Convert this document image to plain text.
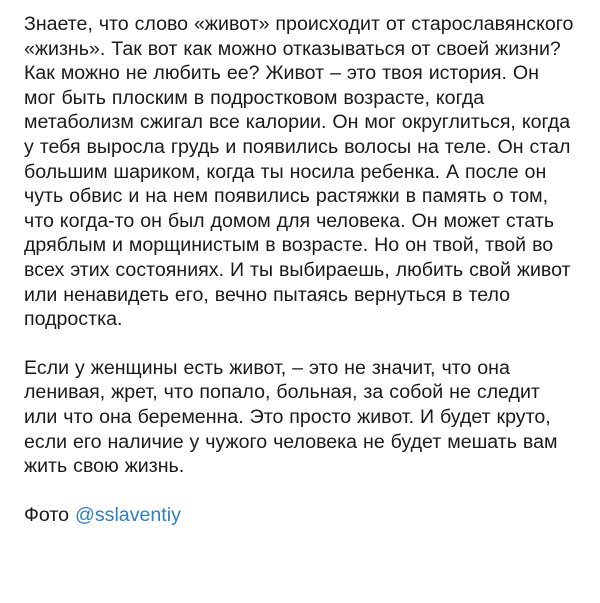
Знаете, что слово «живот» происходит от старославянского «жизнь». Так вот как можно отказываться от своей жизни? Как можно не любить ее? Живот – это твоя история. Он мог быть плоским в подростковом возрасте, когда метаболизм сжигал все калории. Он мог округлиться, когда у тебя выросла грудь и появились волосы на теле. Он стал большим шариком, когда ты носила ребенка. А после он чуть обвис и на нем появились растяжки в память о том, что когда-то он был домом для человека. Он может стать дряблым и морщинистым в возрасте. Но он твой, твой во всех этих состояниях. И ты выбираешь, любить свой живот или ненавидеть его, вечно пытаясь вернуться в тело подростка.

Если у женщины есть живот, – это не значит, что она ленивая, жрет, что попало, больная, за собой не следит или что она беременна. Это просто живот. И будет круто, если его наличие у чужого человека не будет мешать вам жить свою жизнь.

Фото @sslaventiy
